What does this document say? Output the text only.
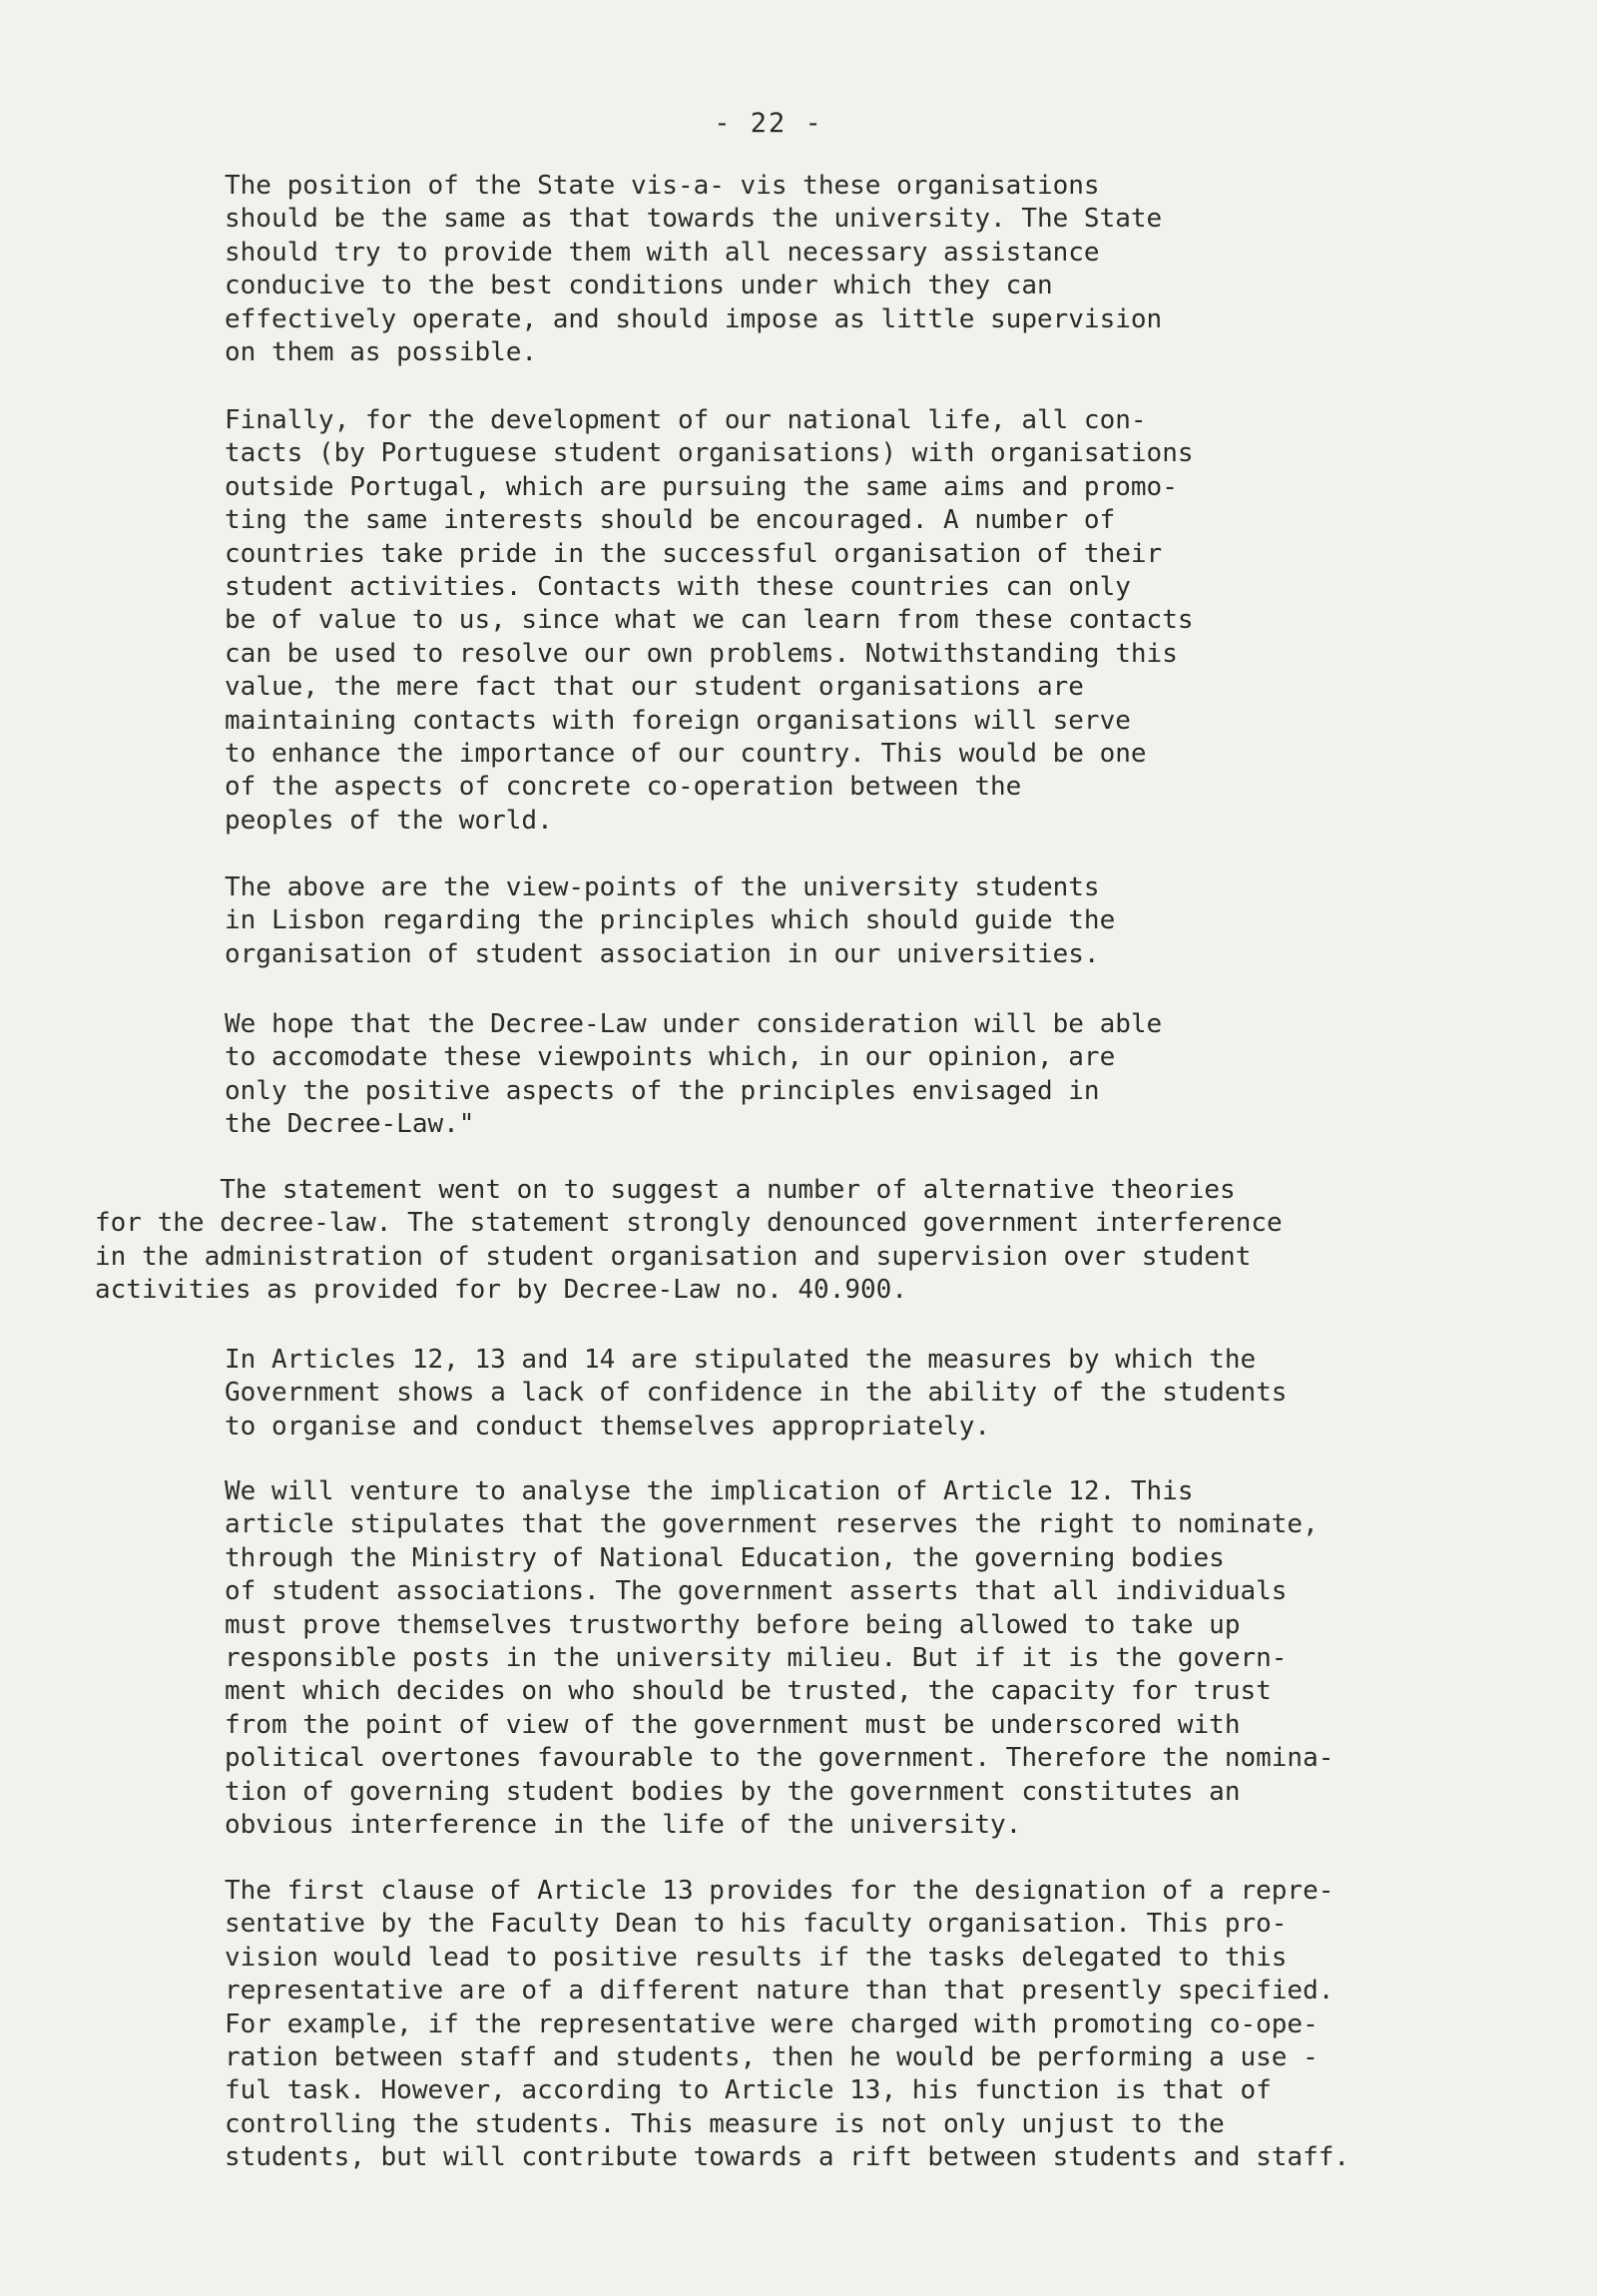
- 22 -
The position of the State vis-a- vis these organisations
should be the same as that towards the university. The State
should try to provide them with all necessary assistance
conducive to the best conditions under which they can
effectively operate, and should impose as little supervision
on them as possible.
Finally, for the development of our national life, all con-
tacts (by Portuguese student organisations) with organisations
outside Portugal, which are pursuing the same aims and promo-
ting the same interests should be encouraged. A number of
countries take pride in the successful organisation of their
student activities. Contacts with these countries can only
be of value to us, since what we can learn from these contacts
can be used to resolve our own problems. Notwithstanding this
value, the mere fact that our student organisations are
maintaining contacts with foreign organisations will serve
to enhance the importance of our country. This would be one
of the aspects of concrete co-operation between the
peoples of the world.
The above are the view-points of the university students
in Lisbon regarding the principles which should guide the
organisation of student association in our universities.
We hope that the Decree-Law under consideration will be able
to accomodate these viewpoints which, in our opinion, are
only the positive aspects of the principles envisaged in
the Decree-Law."
The statement went on to suggest a number of alternative theories
for the decree-law. The statement strongly denounced government interference
in the administration of student organisation and supervision over student
activities as provided for by Decree-Law no. 40.900.
In Articles 12, 13 and 14 are stipulated the measures by which the
Government shows a lack of confidence in the ability of the students
to organise and conduct themselves appropriately.
We will venture to analyse the implication of Article 12. This
article stipulates that the government reserves the right to nominate,
through the Ministry of National Education, the governing bodies
of student associations. The government asserts that all individuals
must prove themselves trustworthy before being allowed to take up
responsible posts in the university milieu. But if it is the govern-
ment which decides on who should be trusted, the capacity for trust
from the point of view of the government must be underscored with
political overtones favourable to the government. Therefore the nomina-
tion of governing student bodies by the government constitutes an
obvious interference in the life of the university.
The first clause of Article 13 provides for the designation of a repre-
sentative by the Faculty Dean to his faculty organisation. This pro-
vision would lead to positive results if the tasks delegated to this
representative are of a different nature than that presently specified.
For example, if the representative were charged with promoting co-ope-
ration between staff and students, then he would be performing a use -
ful task. However, according to Article 13, his function is that of
controlling the students. This measure is not only unjust to the
students, but will contribute towards a rift between students and staff.
